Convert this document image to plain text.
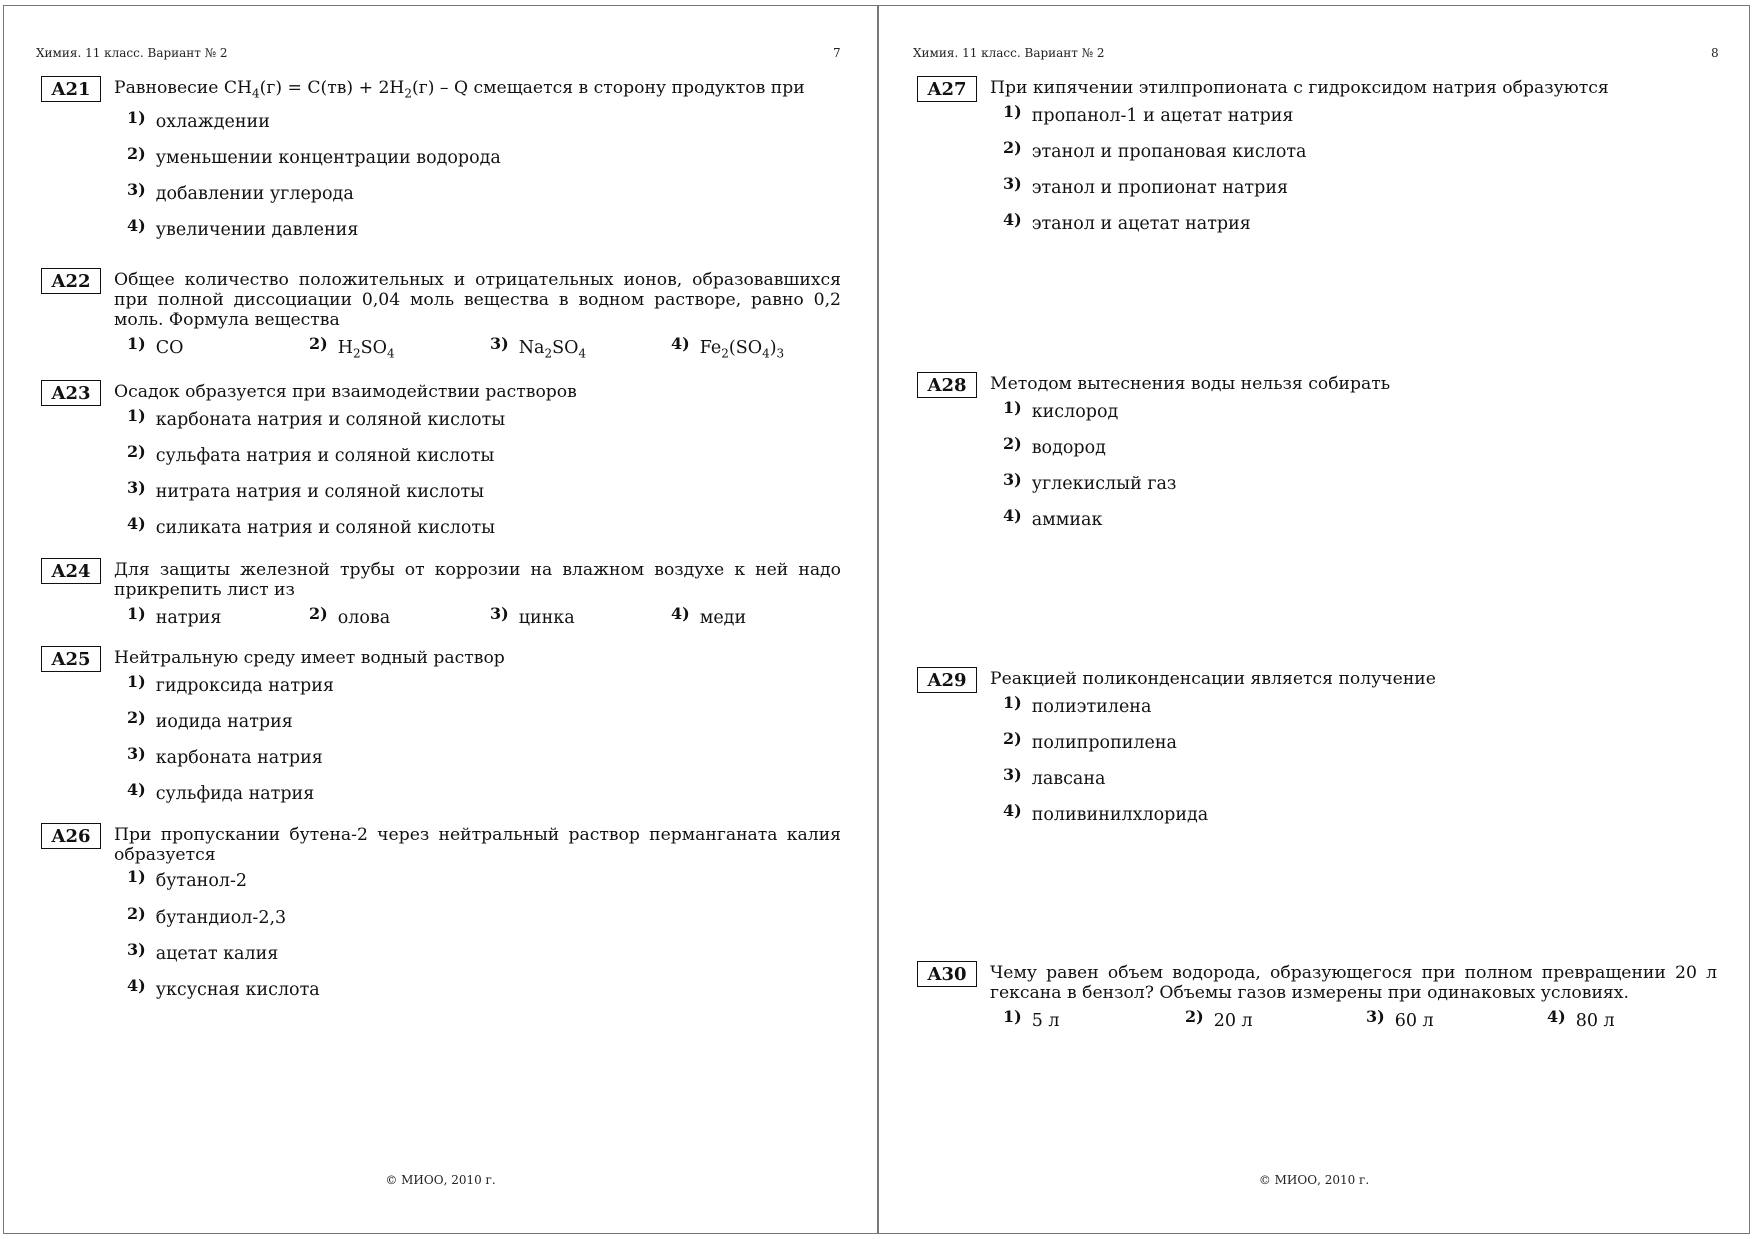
Химия. 11 класс. Вариант № 2	7
A21	Равновесие $CH_4(г) = C(тв) + 2H_2(г) - Q$ смещается в сторону продуктов при
1) охлаждении
2) уменьшении концентрации водорода
3) добавлении углерода
4) увеличении давления
A22	Общее количество положительных и отрицательных ионов, образовавшихся при полной диссоциации 0,04 моль вещества в водном растворе, равно 0,2 моль. Формула вещества
1) CO	2) $H_2SO_4$
3) $Na_2SO_4$
4) $Fe_2(SO_4)_3$
A23	Осадок образуется при взаимодействии растворов
1) карбоната натрия и соляной кислоты
2) сульфата натрия и соляной кислоты
3) нитрата натрия и соляной кислоты
4) силиката натрия и соляной кислоты
A24	Для защиты железной трубы от коррозии на влажном воздухе к ней надо прикрепить лист из
1) натрия	2) олова	3) цинка	4) меди
A25	Нейтральную среду имеет водный раствор
1) гидроксида натрия
2) иодида натрия
3) карбоната натрия
4) сульфида натрия
A26	При пропускании бутена-2 через нейтральный раствор перманганата калия образуется
1) бутанол-2
2) бутандиол-2,3
3) ацетат калия
4) уксусная кислота
© МИОО, 2010 г.
Химия. 11 класс. Вариант № 2	8
A27	При кипячении этилпропионата с гидроксидом натрия образуются
1) пропанол-1 и ацетат натрия
2) этанол и пропановая кислота
3) этанол и пропионат натрия
4) этанол и ацетат натрия
A28	Методом вытеснения воды нельзя собирать
1) кислород
2) водород
3) углекислый газ
4) аммиак
A29	Реакцией поликонденсации является получение
1) полиэтилена
2) полипропилена
3) лавсана
4) поливинилхлорида
A30	Чему равен объем водорода, образующегося при полном превращении 20 л гексана в бензол? Объемы газов измерены при одинаковых условиях.
1) 5 л	2) 20 л	3) 60 л	4) 80 л
© МИОО, 2010 г.
